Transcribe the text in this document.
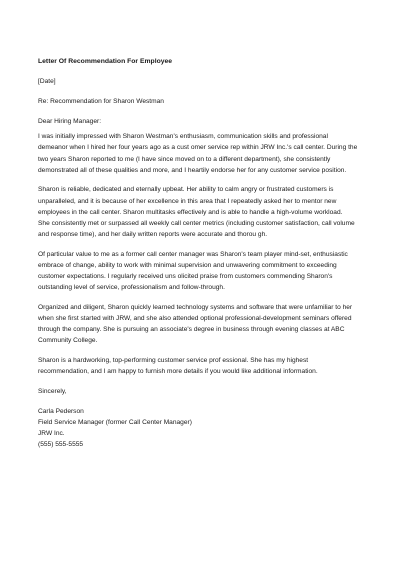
Letter Of Recommendation For Employee
[Date]
Re: Recommendation for Sharon Westman
Dear Hiring Manager:
I was initially impressed with Sharon Westman's enthusiasm, communication skills and professional
demeanor when I hired her four years ago as a cust omer service rep within JRW Inc.'s call center. During the
two years Sharon reported to me (I have since moved on to a different department), she consistently
demonstrated all of these qualities and more, and I heartily endorse her for any customer service position.
Sharon is reliable, dedicated and eternally upbeat. Her ability to calm angry or frustrated customers is
unparalleled, and it is because of her excellence in this area that I repeatedly asked her to mentor new
employees in the call center. Sharon multitasks effectively and is able to handle a high-volume workload.
She consistently met or surpassed all weekly call center metrics (including customer satisfaction, call volume
and response time), and her daily written reports were accurate and thorou gh.
Of particular value to me as a former call center manager was Sharon's team player mind-set, enthusiastic
embrace of change, ability to work with minimal supervision and unwavering commitment to exceeding
customer expectations. I regularly received uns olicited praise from customers commending Sharon's
outstanding level of service, professionalism and follow-through.
Organized and diligent, Sharon quickly learned technology systems and software that were unfamiliar to her
when she first started with JRW, and she also attended optional professional-development seminars offered
through the company. She is pursuing an associate's degree in business through evening classes at ABC
Community College.
Sharon is a hardworking, top-performing customer service prof essional. She has my highest
recommendation, and I am happy to furnish more details if you would like additional information.
Sincerely,
Carla Pederson
Field Service Manager (former Call Center Manager)
JRW Inc.
(555) 555-5555
